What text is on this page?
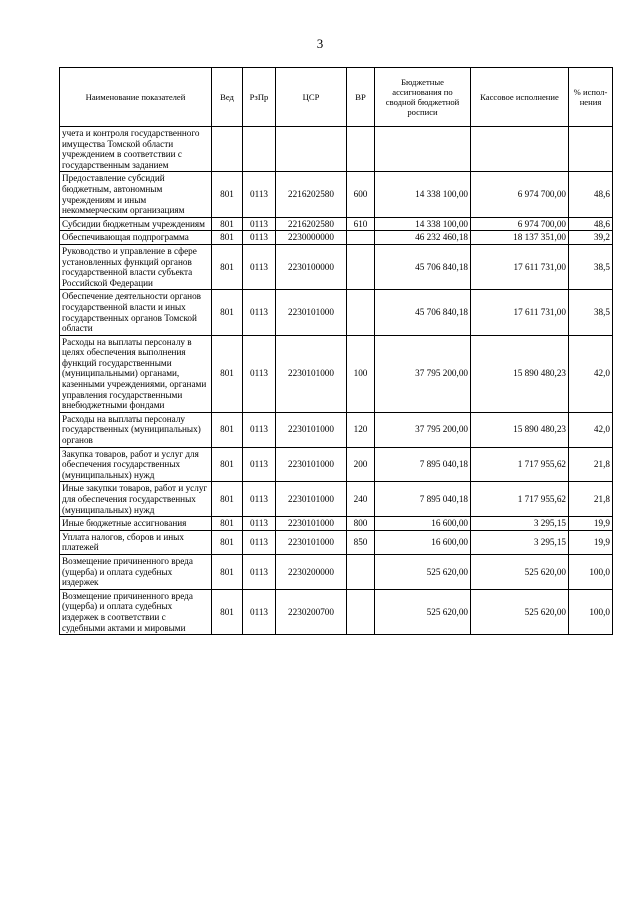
3
Наименование показателей	Вед	РзПр	ЦСР	ВР	Бюджетные ассигнования по сводной бюджетной росписи	Кассовое исполнение	% испол-нения
учета и контроля государственного имущества Томской области учреждением в соответствии с государственным заданием							
Предоставление субсидий бюджетным, автономным учреждениям и иным некоммерческим организациям	801	0113	2216202580	600	14 338 100,00	6 974 700,00	48,6
Субсидии бюджетным учреждениям	801	0113	2216202580	610	14 338 100,00	6 974 700,00	48,6
Обеспечивающая подпрограмма	801	0113	2230000000		46 232 460,18	18 137 351,00	39,2
Руководство и управление в сфере установленных функций органов государственной власти субъекта Российской Федерации	801	0113	2230100000		45 706 840,18	17 611 731,00	38,5
Обеспечение деятельности органов государственной власти и иных государственных органов Томской области	801	0113	2230101000		45 706 840,18	17 611 731,00	38,5
Расходы на выплаты персоналу в целях обеспечения выполнения функций государственными (муниципальными) органами, казенными учреждениями, органами управления государственными внебюджетными фондами	801	0113	2230101000	100	37 795 200,00	15 890 480,23	42,0
Расходы на выплаты персоналу государственных (муниципальных) органов	801	0113	2230101000	120	37 795 200,00	15 890 480,23	42,0
Закупка товаров, работ и услуг для обеспечения государственных (муниципальных) нужд	801	0113	2230101000	200	7 895 040,18	1 717 955,62	21,8
Иные закупки товаров, работ и услуг для обеспечения государственных (муниципальных) нужд	801	0113	2230101000	240	7 895 040,18	1 717 955,62	21,8
Иные бюджетные ассигнования	801	0113	2230101000	800	16 600,00	3 295,15	19,9
Уплата налогов, сборов и иных платежей	801	0113	2230101000	850	16 600,00	3 295,15	19,9
Возмещение причиненного вреда (ущерба) и оплата судебных издержек	801	0113	2230200000		525 620,00	525 620,00	100,0
Возмещение причиненного вреда (ущерба) и оплата судебных издержек в соответствии с судебными актами и мировыми	801	0113	2230200700		525 620,00	525 620,00	100,0
